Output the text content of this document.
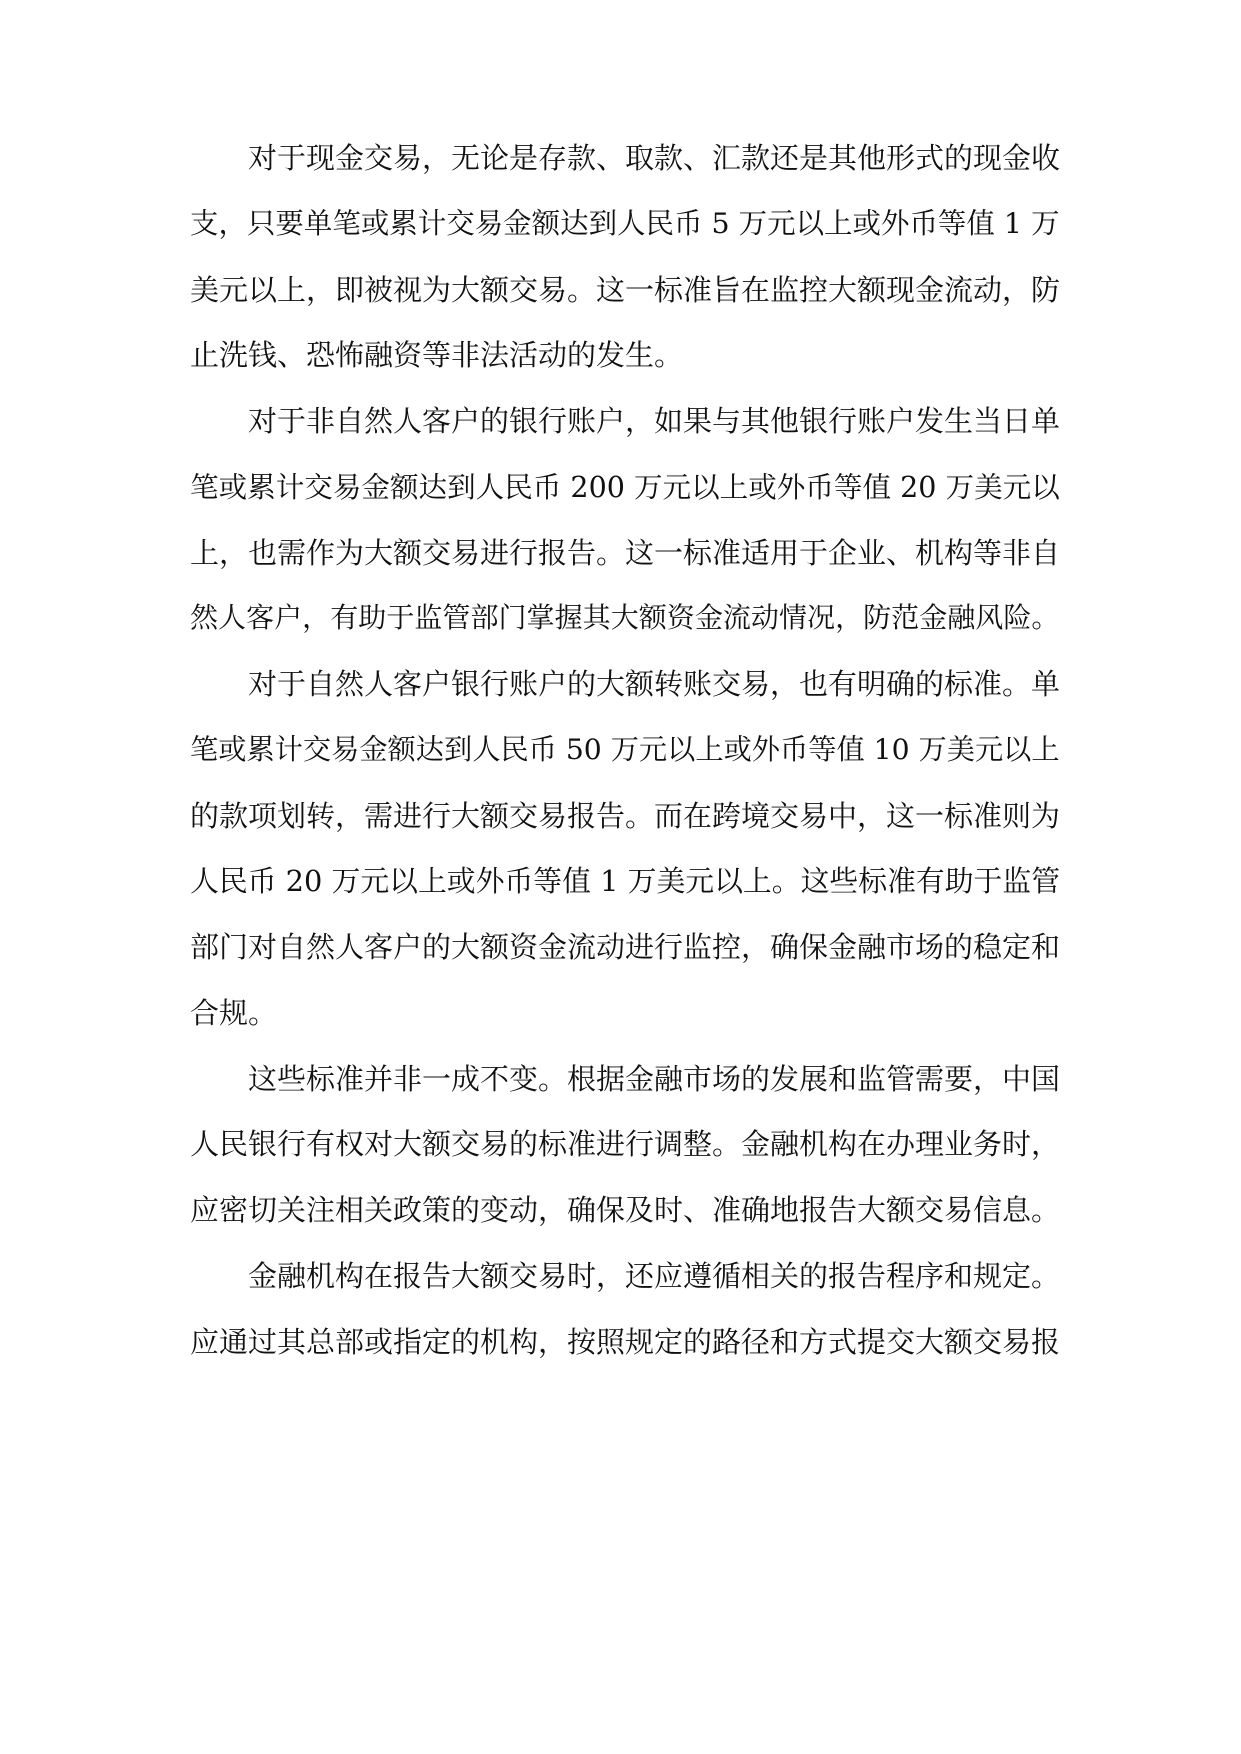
对于现金交易，无论是存款、取款、汇款还是其他形式的现金收
支，只要单笔或累计交易金额达到人民币 5 万元以上或外币等值 1 万
美元以上，即被视为大额交易。这一标准旨在监控大额现金流动，防
止洗钱、恐怖融资等非法活动的发生。
对于非自然人客户的银行账户，如果与其他银行账户发生当日单
笔或累计交易金额达到人民币 200 万元以上或外币等值 20 万美元以
上，也需作为大额交易进行报告。这一标准适用于企业、机构等非自
然人客户，有助于监管部门掌握其大额资金流动情况，防范金融风险。
对于自然人客户银行账户的大额转账交易，也有明确的标准。单
笔或累计交易金额达到人民币 50 万元以上或外币等值 10 万美元以上
的款项划转，需进行大额交易报告。而在跨境交易中，这一标准则为
人民币 20 万元以上或外币等值 1 万美元以上。这些标准有助于监管
部门对自然人客户的大额资金流动进行监控，确保金融市场的稳定和
合规。
这些标准并非一成不变。根据金融市场的发展和监管需要，中国
人民银行有权对大额交易的标准进行调整。金融机构在办理业务时，
应密切关注相关政策的变动，确保及时、准确地报告大额交易信息。
金融机构在报告大额交易时，还应遵循相关的报告程序和规定。
应通过其总部或指定的机构，按照规定的路径和方式提交大额交易报
